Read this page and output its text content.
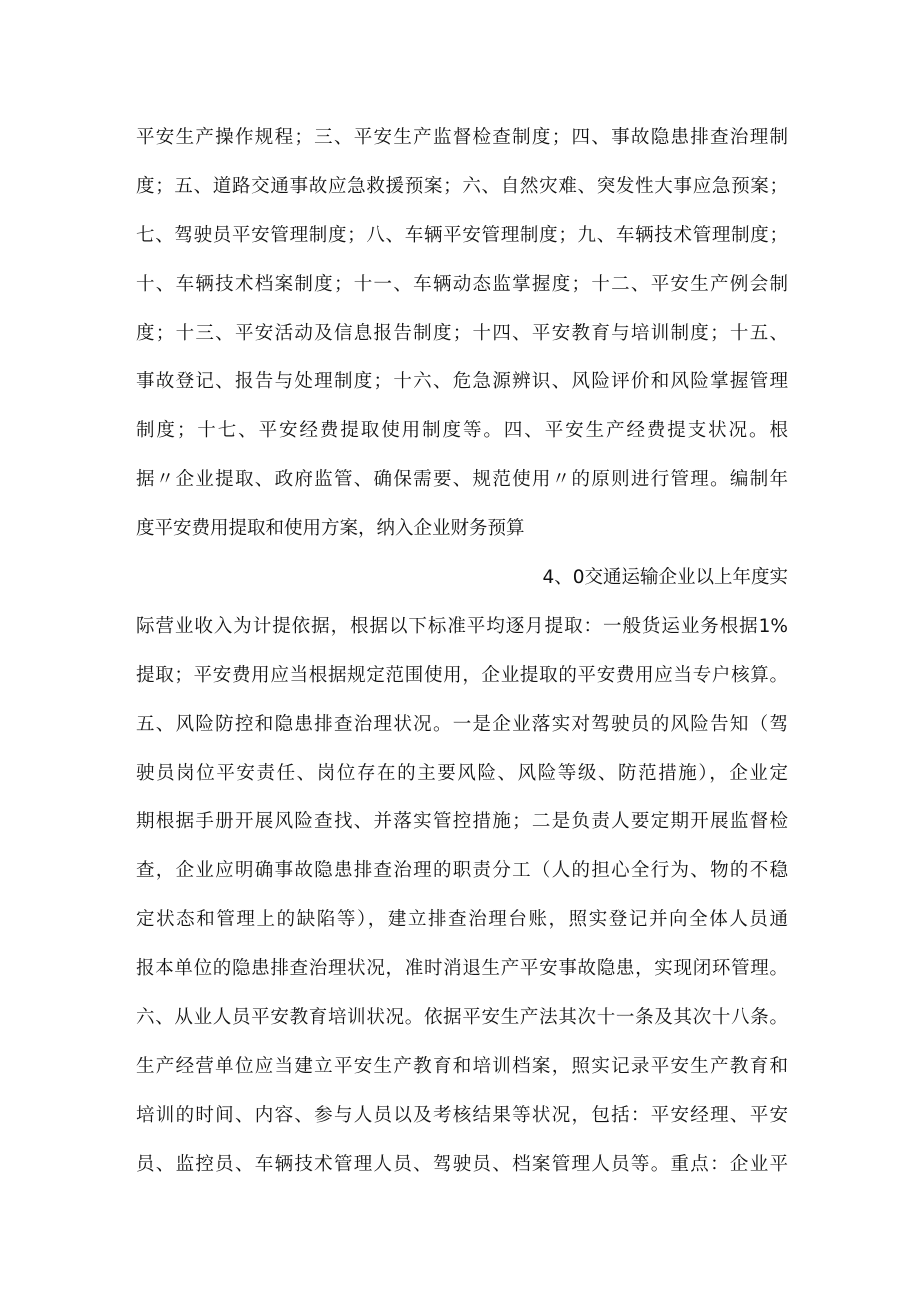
平安生产操作规程；三、平安生产监督检查制度；四、事故隐患排查治理制
度；五、道路交通事故应急救援预案；六、自然灾难、突发性大事应急预案；
七、驾驶员平安管理制度；八、车辆平安管理制度；九、车辆技术管理制度；
十、车辆技术档案制度；十一、车辆动态监掌握度；十二、平安生产例会制
度；十三、平安活动及信息报告制度；十四、平安教育与培训制度；十五、
事故登记、报告与处理制度；十六、危急源辨识、风险评价和风险掌握管理
制度；十七、平安经费提取使用制度等。四、平安生产经费提支状况。根
据〃企业提取、政府监管、确保需要、规范使用〃的原则进行管理。编制年
度平安费用提取和使用方案，纳入企业财务预算
4、0交通运输企业以上年度实
际营业收入为计提依据，根据以下标准平均逐月提取：一般货运业务根据1%
提取；平安费用应当根据规定范围使用，企业提取的平安费用应当专户核算。
五、风险防控和隐患排查治理状况。一是企业落实对驾驶员的风险告知（驾
驶员岗位平安责任、岗位存在的主要风险、风险等级、防范措施），企业定
期根据手册开展风险查找、并落实管控措施；二是负责人要定期开展监督检
查，企业应明确事故隐患排查治理的职责分工（人的担心全行为、物的不稳
定状态和管理上的缺陷等），建立排查治理台账，照实登记并向全体人员通
报本单位的隐患排查治理状况，准时消退生产平安事故隐患，实现闭环管理。
六、从业人员平安教育培训状况。依据平安生产法其次十一条及其次十八条。
生产经营单位应当建立平安生产教育和培训档案，照实记录平安生产教育和
培训的时间、内容、参与人员以及考核结果等状况，包括：平安经理、平安
员、监控员、车辆技术管理人员、驾驶员、档案管理人员等。重点：企业平
